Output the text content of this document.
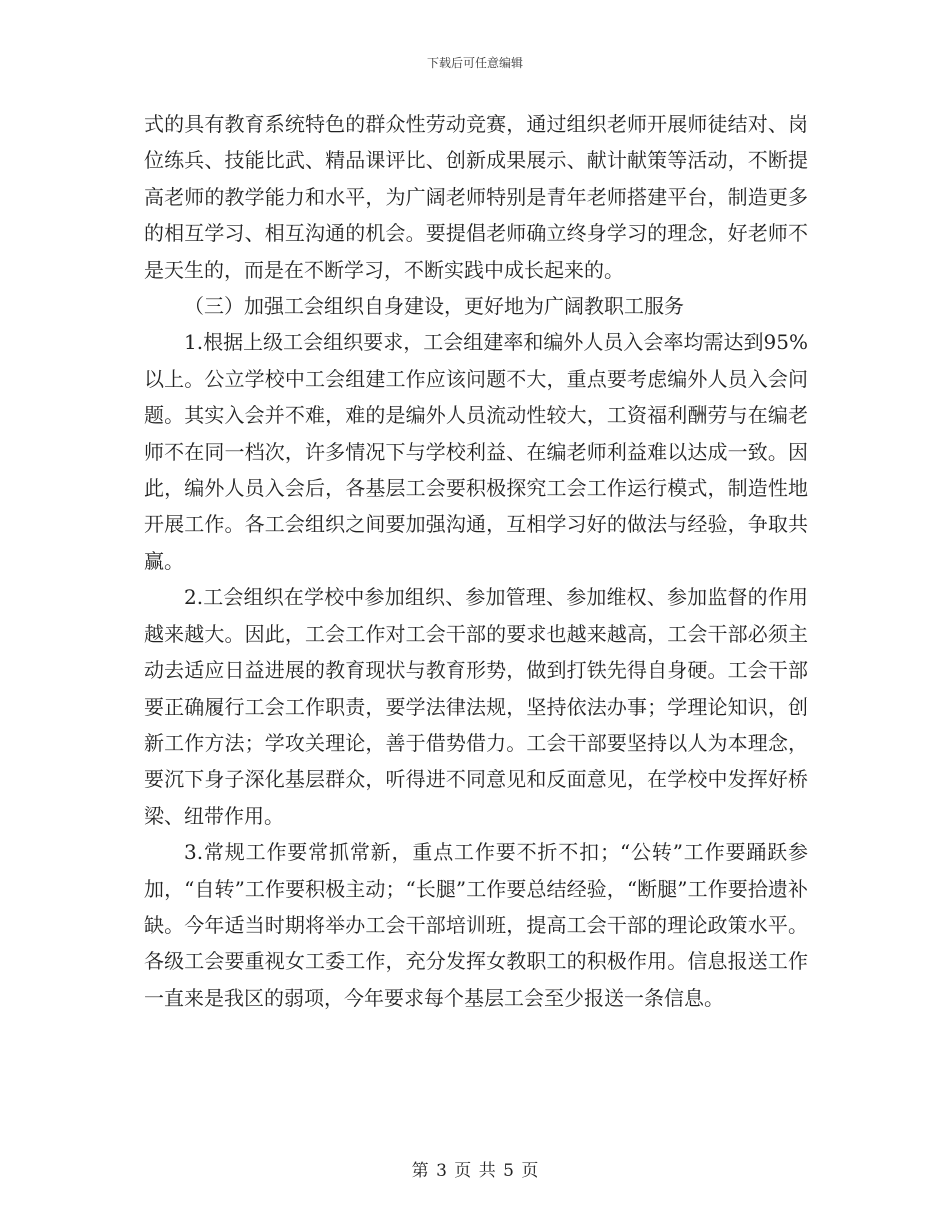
下载后可任意编辑

式的具有教育系统特色的群众性劳动竞赛，通过组织老师开展师徒结对、岗位练兵、技能比武、精品课评比、创新成果展示、献计献策等活动，不断提高老师的教学能力和水平，为广阔老师特别是青年老师搭建平台，制造更多的相互学习、相互沟通的机会。要提倡老师确立终身学习的理念，好老师不是天生的，而是在不断学习，不断实践中成长起来的。

（三）加强工会组织自身建设，更好地为广阔教职工服务

1.根据上级工会组织要求，工会组建率和编外人员入会率均需达到95%以上。公立学校中工会组建工作应该问题不大，重点要考虑编外人员入会问题。其实入会并不难，难的是编外人员流动性较大，工资福利酬劳与在编老师不在同一档次，许多情况下与学校利益、在编老师利益难以达成一致。因此，编外人员入会后，各基层工会要积极探究工会工作运行模式，制造性地开展工作。各工会组织之间要加强沟通，互相学习好的做法与经验，争取共赢。

2.工会组织在学校中参加组织、参加管理、参加维权、参加监督的作用越来越大。因此，工会工作对工会干部的要求也越来越高，工会干部必须主动去适应日益进展的教育现状与教育形势，做到打铁先得自身硬。工会干部要正确履行工会工作职责，要学法律法规，坚持依法办事；学理论知识，创新工作方法；学攻关理论，善于借势借力。工会干部要坚持以人为本理念，要沉下身子深化基层群众，听得进不同意见和反面意见，在学校中发挥好桥梁、纽带作用。

3.常规工作要常抓常新，重点工作要不折不扣；“公转”工作要踊跃参加，“自转”工作要积极主动；“长腿”工作要总结经验，“断腿”工作要拾遗补缺。今年适当时期将举办工会干部培训班，提高工会干部的理论政策水平。各级工会要重视女工委工作，充分发挥女教职工的积极作用。信息报送工作一直来是我区的弱项，今年要求每个基层工会至少报送一条信息。

第 3 页 共 5 页
